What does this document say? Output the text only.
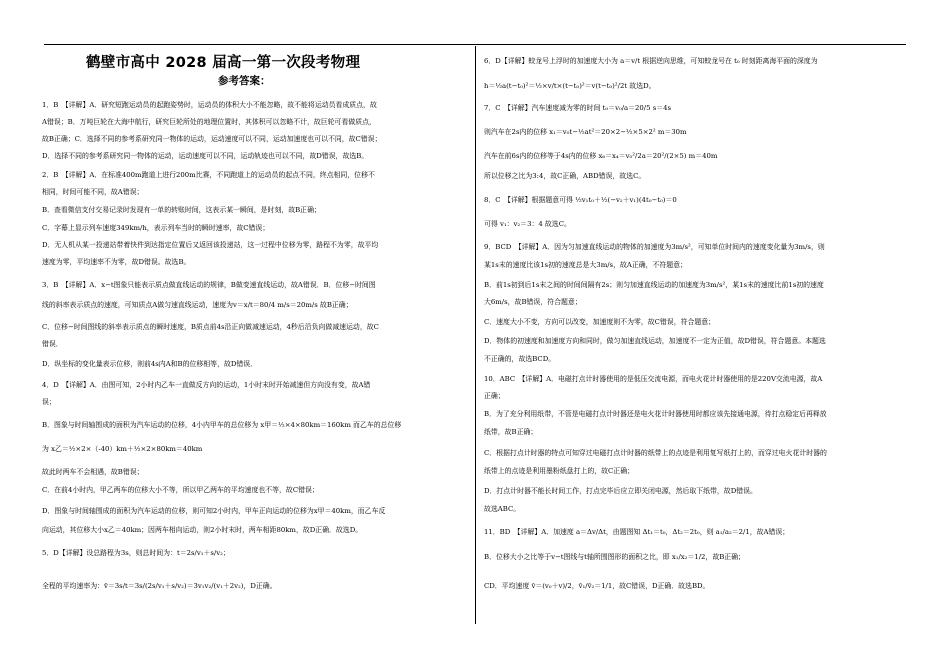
鹤壁市高中 2028 届高一第一次段考物理
参考答案：
1．B　【详解】A．研究短跑运动员的起跑姿势时，运动员的体积大小不能忽略，故不能将运动员看成质点，故
A错误；B．万吨巨轮在大海中航行，研究巨轮所处的地理位置时，其体积可以忽略不计，故巨轮可看做质点，
故B正确；C．选择不同的参考系研究同一物体的运动，运动速度可以不同，运动加速度也可以不同，故C错误；
D．选择不同的参考系研究同一物体的运动，运动速度可以不同，运动轨迹也可以不同，故D错误，故选B。
2．B　【详解】A．在标准400m跑道上进行200m比赛，不同跑道上的运动员的起点不同，终点相同，位移不
相同，时间可能不同，故A错误；
B．查看微信支付交易记录时发现有一单的转账时间，这表示某一瞬间，是时刻，故B正确；
C．字幕上显示列车速度349km/h，表示列车当时的瞬时速率，故C错误；
D．无人机从某一投递站带着快件到达指定位置后又返回该投递站，这一过程中位移为零，路程不为零，故平均
速度为零，平均速率不为零，故D错误。故选B。
3．B　【详解】A．x−t图象只能表示质点做直线运动的规律，B做变速直线运动，故A错误．B．位移−时间图
线的斜率表示质点的速度，可知质点A做匀速直线运动，速度为v＝x/t＝80/4 m/s＝20m/s 故B正确；
C．位移−时间图线的斜率表示质点的瞬时速度，B质点前4s沿正向做减速运动，4秒后沿负向做减速运动，故C
错误．
D．纵坐标的变化量表示位移，则前4s内A和B的位移相等，故D错误．
4．D　【详解】A．由图可知，2小时内乙车一直做反方向的运动，1小时末时开始减速但方向没有变，故A错
误；
B．图象与时间轴围成的面积为汽车运动的位移，4小内甲车的总位移为 x甲＝½×4×80km＝160km 而乙车的总位移
为 x乙＝½×2×（-40）km＋½×2×80km＝40km
故此时两车不会相遇，故B错误；
C．在前4小时内，甲乙两车的位移大小不等，所以甲乙两车的平均速度也不等，故C错误；
D．图象与时间轴围成的面积为汽车运动的位移，则可知2小时内，甲车正向运动的位移为x甲＝40km，而乙车反
向运动，其位移大小x乙＝40km；因两车相向运动，则2小时末时，两车相距80km，故D正确．故选D。
5．D【详解】设总路程为3s，则总时间为：t＝2s/v₁＋s/v₂；
全程的平均速率为：v̄＝3s/t＝3s/(2s/v₁＋s/v₂)＝3v₁v₂/(v₁＋2v₂)，D正确。
6．D【详解】蛟龙号上浮时的加速度大小为 a＝v/t 根据逆向思维，可知蛟龙号在 t₀ 时刻距离海平面的深度为
h＝½a(t−t₀)²＝½×v/t×(t−t₀)²＝v(t−t₀)²/2t 故选D。
7．C　【详解】汽车速度减为零的时间 t₀＝v₀/a＝20/5 s＝4s
则汽车在2s内的位移 x₁＝v₀t−½at²＝20×2−½×5×2² m＝30m
汽车在前6s内的位移等于4s内的位移 x₆＝x₄＝v₀²/2a＝20²/(2×5) m＝40m
所以位移之比为3:4，故C正确，ABD错误，故选C。
8．C　【详解】根据题意可得 ½v₁t₀＋½(−v₂＋v₁)(4t₀−t₀)＝0
可得 v₁：v₂＝3：4 故选C。
9．BCD　【详解】A．因为匀加速直线运动的物体的加速度为3m/s²，可知单位时间内的速度变化量为3m/s，则
某1s末的速度比该1s初的速度总是大3m/s，故A正确，不符题意；
B．前1s初到后1s末之间的时间间隔有2s；则匀加速直线运动的加速度为3m/s²，某1s末的速度比前1s初的速度
大6m/s，故B错误，符合题意；
C．速度大小不变，方向可以改变，加速度则不为零，故C错误，符合题意；
D．物体的初速度和加速度方向和同时，做匀加速直线运动，加速度不一定为正值，故D错误，符合题意。本题选
不正确的，故选BCD。
10．ABC　【详解】A．电磁打点计时器使用的是低压交流电源，而电火花计时器使用的是220V交流电源，故A
正确；
B．为了充分利用纸带，不管是电磁打点计时器还是电火花计时器使用时都应该先接通电源，待打点稳定后再释放
纸带，故B正确；
C．根据打点计时器的特点可知穿过电磁打点计时器的纸带上的点迹是利用复写纸打上的，而穿过电火花计时器的
纸带上的点迹是利用墨粉纸盘打上的，故C正确；
D．打点计时器不能长时间工作，打点完毕后应立即关闭电源，然后取下纸带，故D错误。
故选ABC。
11．BD　【详解】A．加速度 a＝Δv/Δt，由题图知 Δt₁＝t₀，Δt₂＝2t₀，则 a₁/a₂＝2/1，故A错误；
B．位移大小之比等于v−t图线与t轴所围图形的面积之比，即 x₁/x₂＝1/2，故B正确；
CD．平均速度 v̄＝(v₀＋v)/2，v̄₁/v̄₂＝1/1，故C错误，D正确．故选BD。
